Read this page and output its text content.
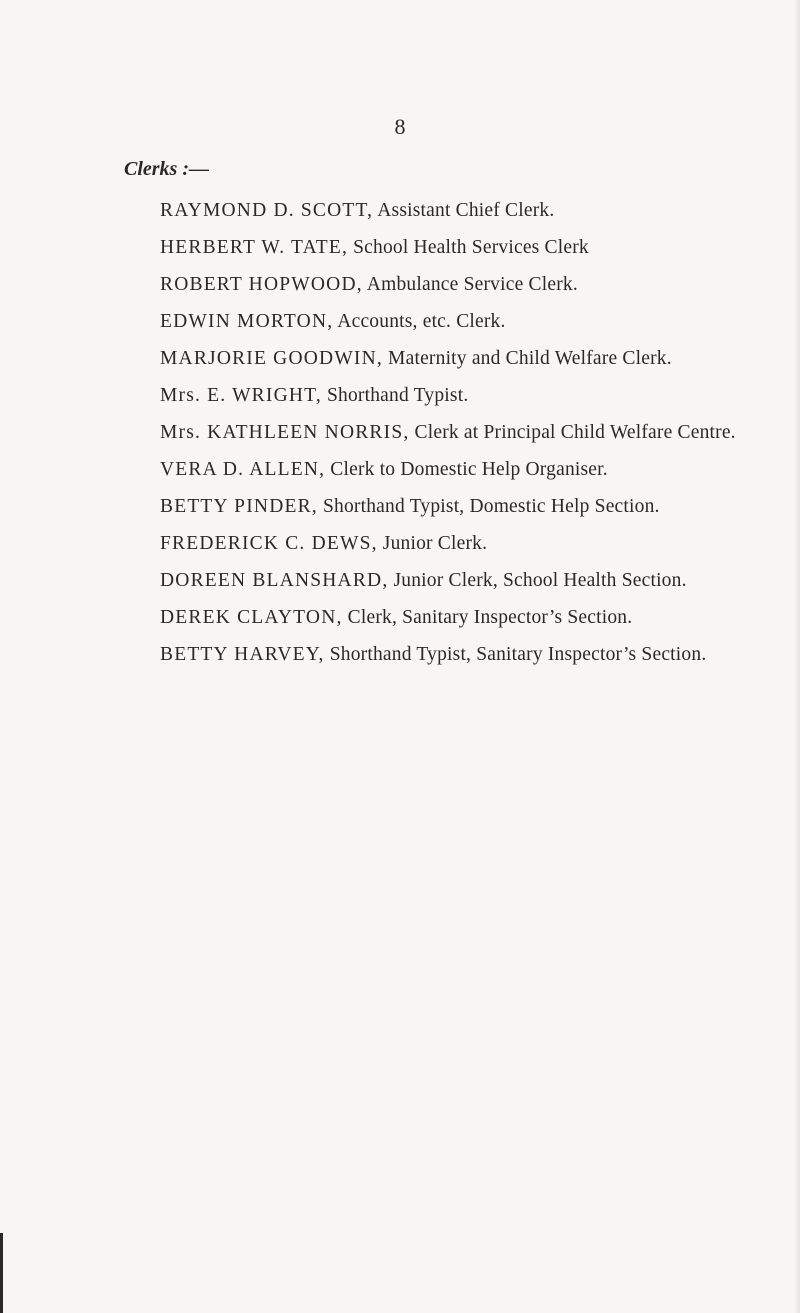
8
Clerks :—
RAYMOND D. SCOTT, Assistant Chief Clerk.
HERBERT W. TATE, School Health Services Clerk
ROBERT HOPWOOD, Ambulance Service Clerk.
EDWIN MORTON, Accounts, etc. Clerk.
MARJORIE GOODWIN, Maternity and Child Welfare Clerk.
Mrs. E. WRIGHT, Shorthand Typist.
Mrs. KATHLEEN NORRIS, Clerk at Principal Child Welfare Centre.
VERA D. ALLEN, Clerk to Domestic Help Organiser.
BETTY PINDER, Shorthand Typist, Domestic Help Section.
FREDERICK C. DEWS, Junior Clerk.
DOREEN BLANSHARD, Junior Clerk, School Health Section.
DEREK CLAYTON, Clerk, Sanitary Inspector’s Section.
BETTY HARVEY, Shorthand Typist, Sanitary Inspector’s Section.
